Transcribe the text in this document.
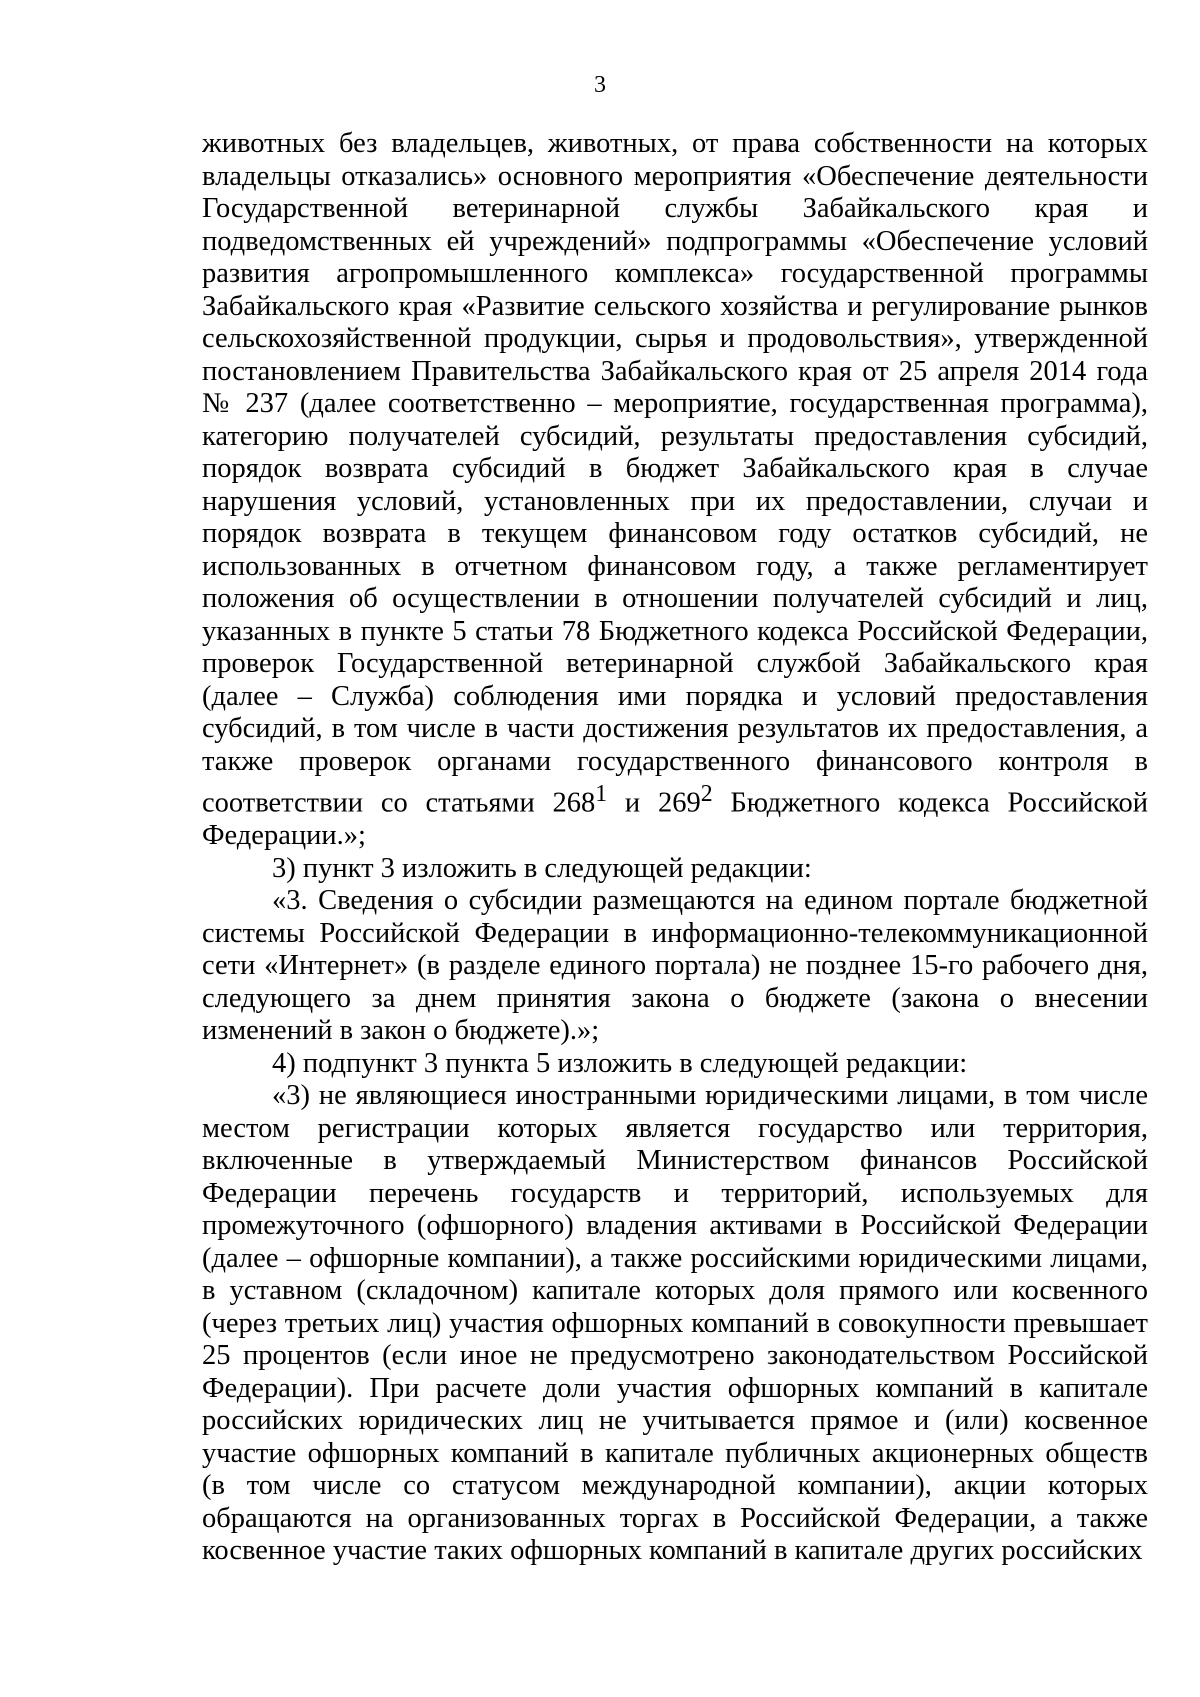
3

животных без владельцев, животных, от права собственности на которых владельцы отказались» основного мероприятия «Обеспечение деятельности Государственной ветеринарной службы Забайкальского края и подведомственных ей учреждений» подпрограммы «Обеспечение условий развития агропромышленного комплекса» государственной программы Забайкальского края «Развитие сельского хозяйства и регулирование рынков сельскохозяйственной продукции, сырья и продовольствия», утвержденной постановлением Правительства Забайкальского края от 25 апреля 2014 года № 237 (далее соответственно – мероприятие, государственная программа), категорию получателей субсидий, результаты предоставления субсидий, порядок возврата субсидий в бюджет Забайкальского края в случае нарушения условий, установленных при их предоставлении, случаи и порядок возврата в текущем финансовом году остатков субсидий, не использованных в отчетном финансовом году, а также регламентирует положения об осуществлении в отношении получателей субсидий и лиц, указанных в пункте 5 статьи 78 Бюджетного кодекса Российской Федерации, проверок Государственной ветеринарной службой Забайкальского края (далее – Служба) соблюдения ими порядка и условий предоставления субсидий, в том числе в части достижения результатов их предоставления, а также проверок органами государственного финансового контроля в соответствии со статьями $268^1$ и $269^2$ Бюджетного кодекса Российской Федерации.»;

3) пункт 3 изложить в следующей редакции:

«3. Сведения о субсидии размещаются на едином портале бюджетной системы Российской Федерации в информационно-телекоммуникационной сети «Интернет» (в разделе единого портала) не позднее 15-го рабочего дня, следующего за днем принятия закона о бюджете (закона о внесении изменений в закон о бюджете).»;

4) подпункт 3 пункта 5 изложить в следующей редакции:

«3) не являющиеся иностранными юридическими лицами, в том числе местом регистрации которых является государство или территория, включенные в утверждаемый Министерством финансов Российской Федерации перечень государств и территорий, используемых для промежуточного (офшорного) владения активами в Российской Федерации (далее – офшорные компании), а также российскими юридическими лицами, в уставном (складочном) капитале которых доля прямого или косвенного (через третьих лиц) участия офшорных компаний в совокупности превышает 25 процентов (если иное не предусмотрено законодательством Российской Федерации). При расчете доли участия офшорных компаний в капитале российских юридических лиц не учитывается прямое и (или) косвенное участие офшорных компаний в капитале публичных акционерных обществ (в том числе со статусом международной компании), акции которых обращаются на организованных торгах в Российской Федерации, а также косвенное участие таких офшорных компаний в капитале других российских
